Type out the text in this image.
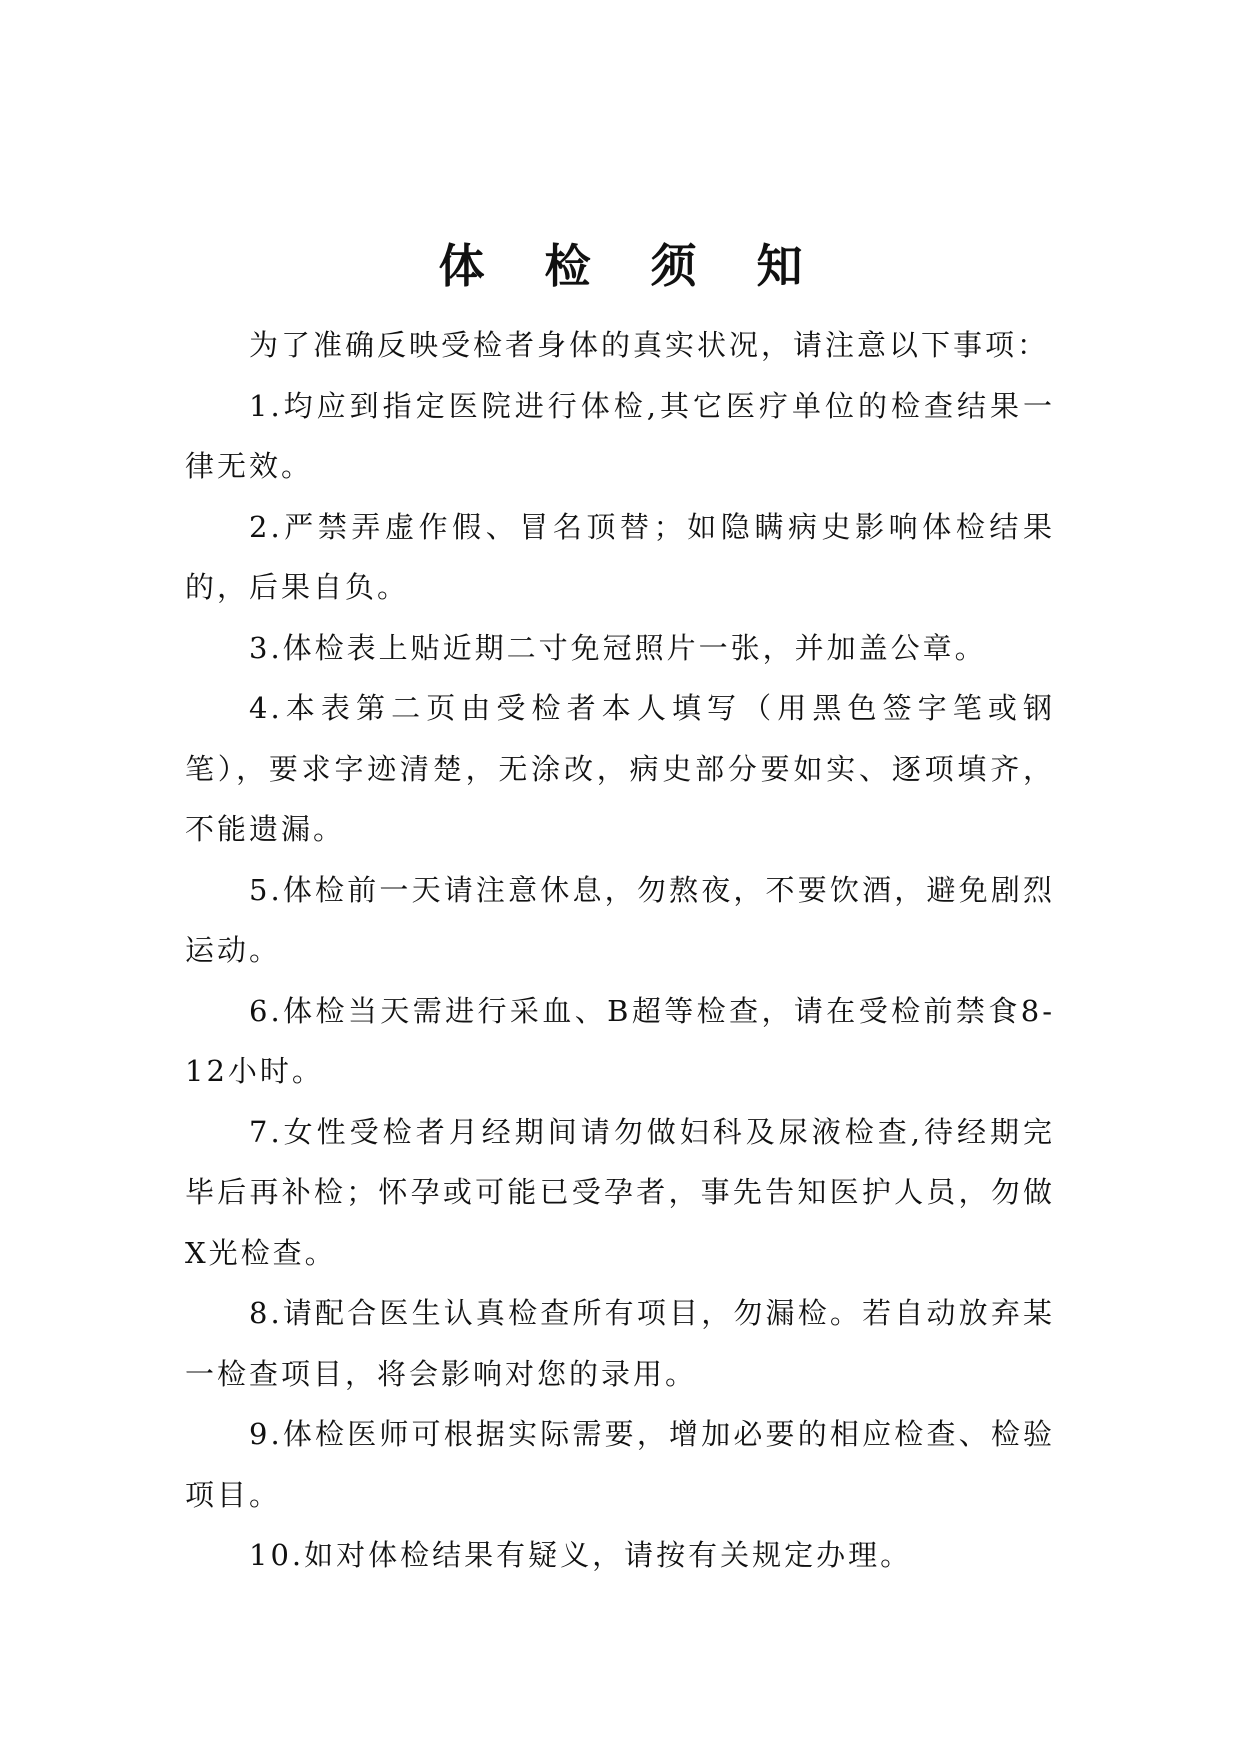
体 检 须 知

为了准确反映受检者身体的真实状况，请注意以下事项：

1.均应到指定医院进行体检,其它医疗单位的检查结果一律无效。

2.严禁弄虚作假、冒名顶替；如隐瞒病史影响体检结果的，后果自负。

3.体检表上贴近期二寸免冠照片一张，并加盖公章。

4.本表第二页由受检者本人填写（用黑色签字笔或钢笔），要求字迹清楚，无涂改，病史部分要如实、逐项填齐，不能遗漏。

5.体检前一天请注意休息，勿熬夜，不要饮酒，避免剧烈运动。

6.体检当天需进行采血、B超等检查，请在受检前禁食8-12小时。

7.女性受检者月经期间请勿做妇科及尿液检查,待经期完毕后再补检；怀孕或可能已受孕者，事先告知医护人员，勿做X光检查。

8.请配合医生认真检查所有项目，勿漏检。若自动放弃某一检查项目，将会影响对您的录用。

9.体检医师可根据实际需要，增加必要的相应检查、检验项目。

10.如对体检结果有疑义，请按有关规定办理。
